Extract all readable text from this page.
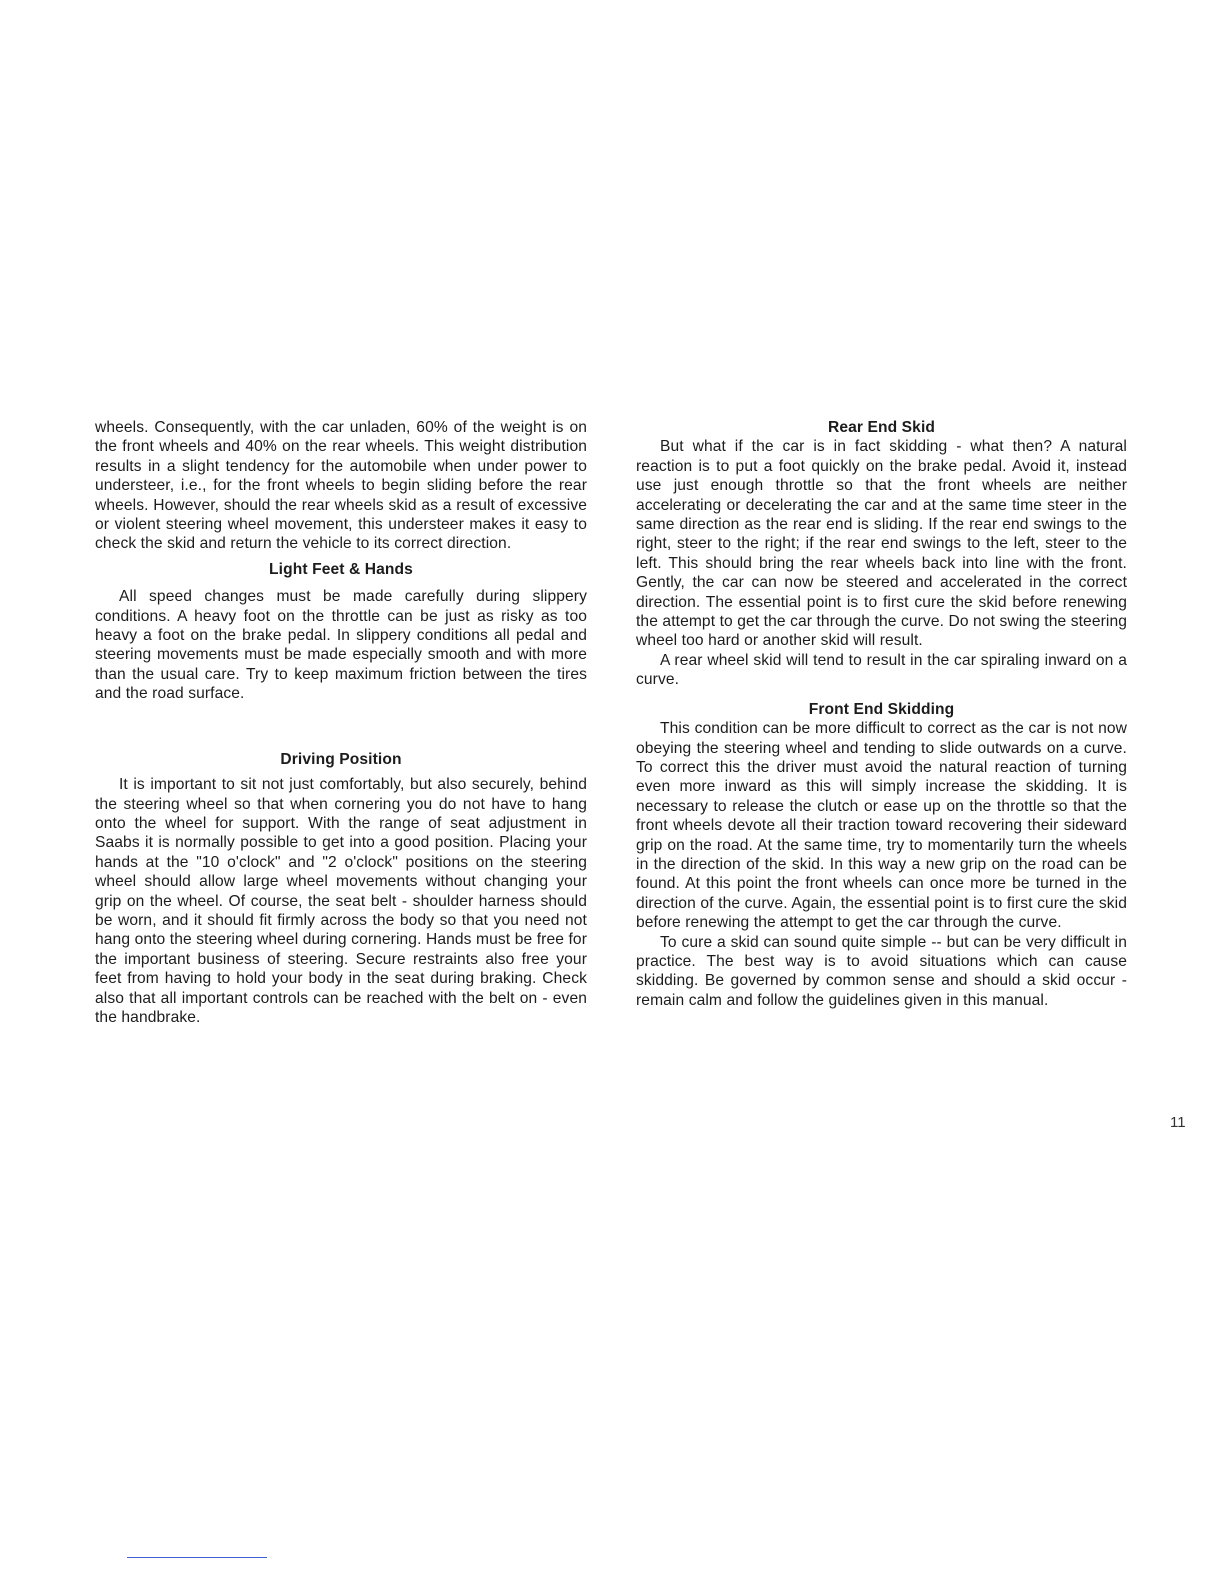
wheels. Consequently, with the car unladen, 60% of the weight is on the front wheels and 40% on the rear wheels. This weight distribution results in a slight tendency for the automobile when under power to understeer, i.e., for the front wheels to begin sliding before the rear wheels. However, should the rear wheels skid as a result of excessive or violent steering wheel movement, this understeer makes it easy to check the skid and return the vehicle to its correct direction.

Light Feet & Hands

All speed changes must be made carefully during slippery conditions. A heavy foot on the throttle can be just as risky as too heavy a foot on the brake pedal. In slippery conditions all pedal and steering movements must be made especially smooth and with more than the usual care. Try to keep maximum friction between the tires and the road surface.

Driving Position

It is important to sit not just comfortably, but also securely, behind the steering wheel so that when cornering you do not have to hang onto the wheel for support. With the range of seat adjustment in Saabs it is normally possible to get into a good position. Placing your hands at the "10 o'clock" and "2 o'clock" positions on the steering wheel should allow large wheel movements without changing your grip on the wheel. Of course, the seat belt - shoulder harness should be worn, and it should fit firmly across the body so that you need not hang onto the steering wheel during cornering. Hands must be free for the important business of steering. Secure restraints also free your feet from having to hold your body in the seat during braking. Check also that all important controls can be reached with the belt on - even the handbrake.

Rear End Skid

But what if the car is in fact skidding - what then? A natural reaction is to put a foot quickly on the brake pedal. Avoid it, instead use just enough throttle so that the front wheels are neither accelerating or decelerating the car and at the same time steer in the same direction as the rear end is sliding. If the rear end swings to the right, steer to the right; if the rear end swings to the left, steer to the left. This should bring the rear wheels back into line with the front. Gently, the car can now be steered and accelerated in the correct direction. The essential point is to first cure the skid before renewing the attempt to get the car through the curve. Do not swing the steering wheel too hard or another skid will result.

A rear wheel skid will tend to result in the car spiraling inward on a curve.

Front End Skidding

This condition can be more difficult to correct as the car is not now obeying the steering wheel and tending to slide outwards on a curve. To correct this the driver must avoid the natural reaction of turning even more inward as this will simply increase the skidding. It is necessary to release the clutch or ease up on the throttle so that the front wheels devote all their traction toward recovering their sideward grip on the road. At the same time, try to momentarily turn the wheels in the direction of the skid. In this way a new grip on the road can be found. At this point the front wheels can once more be turned in the direction of the curve. Again, the essential point is to first cure the skid before renewing the attempt to get the car through the curve.

To cure a skid can sound quite simple -- but can be very difficult in practice. The best way is to avoid situations which can cause skidding. Be governed by common sense and should a skid occur - remain calm and follow the guidelines given in this manual.

11
